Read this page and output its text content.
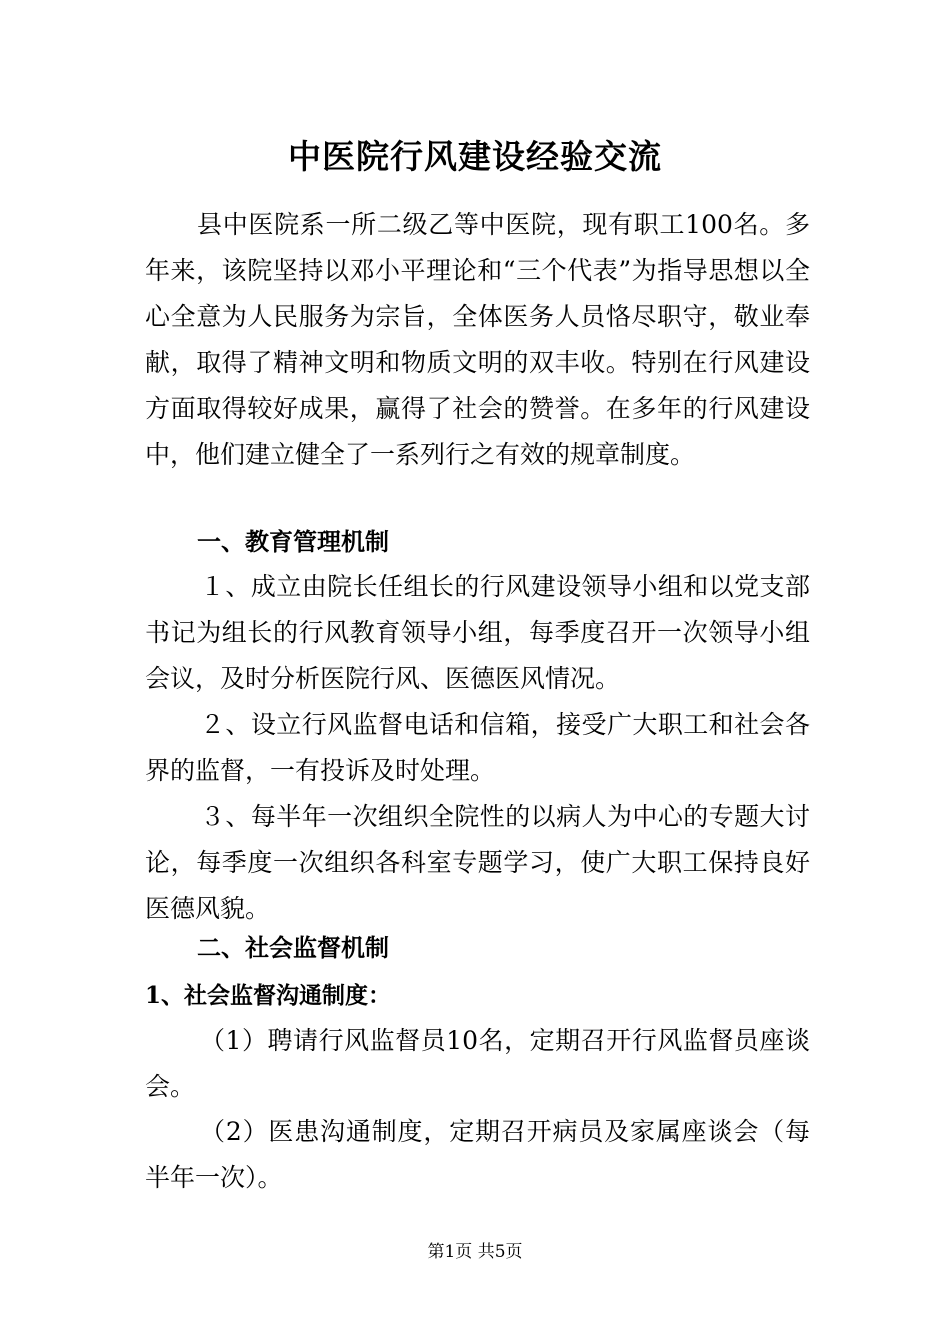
中医院行风建设经验交流

县中医院系一所二级乙等中医院，现有职工100名。多年来，该院坚持以邓小平理论和“三个代表”为指导思想以全心全意为人民服务为宗旨，全体医务人员恪尽职守，敬业奉献，取得了精神文明和物质文明的双丰收。特别在行风建设方面取得较好成果，赢得了社会的赞誉。在多年的行风建设中，他们建立健全了一系列行之有效的规章制度。

一、教育管理机制

１、成立由院长任组长的行风建设领导小组和以党支部书记为组长的行风教育领导小组，每季度召开一次领导小组会议，及时分析医院行风、医德医风情况。

２、设立行风监督电话和信箱，接受广大职工和社会各界的监督，一有投诉及时处理。

３、每半年一次组织全院性的以病人为中心的专题大讨论，每季度一次组织各科室专题学习，使广大职工保持良好医德风貌。

二、社会监督机制

1、社会监督沟通制度：

（1）聘请行风监督员10名，定期召开行风监督员座谈会。

（2）医患沟通制度，定期召开病员及家属座谈会（每半年一次）。

第1页 共5页
